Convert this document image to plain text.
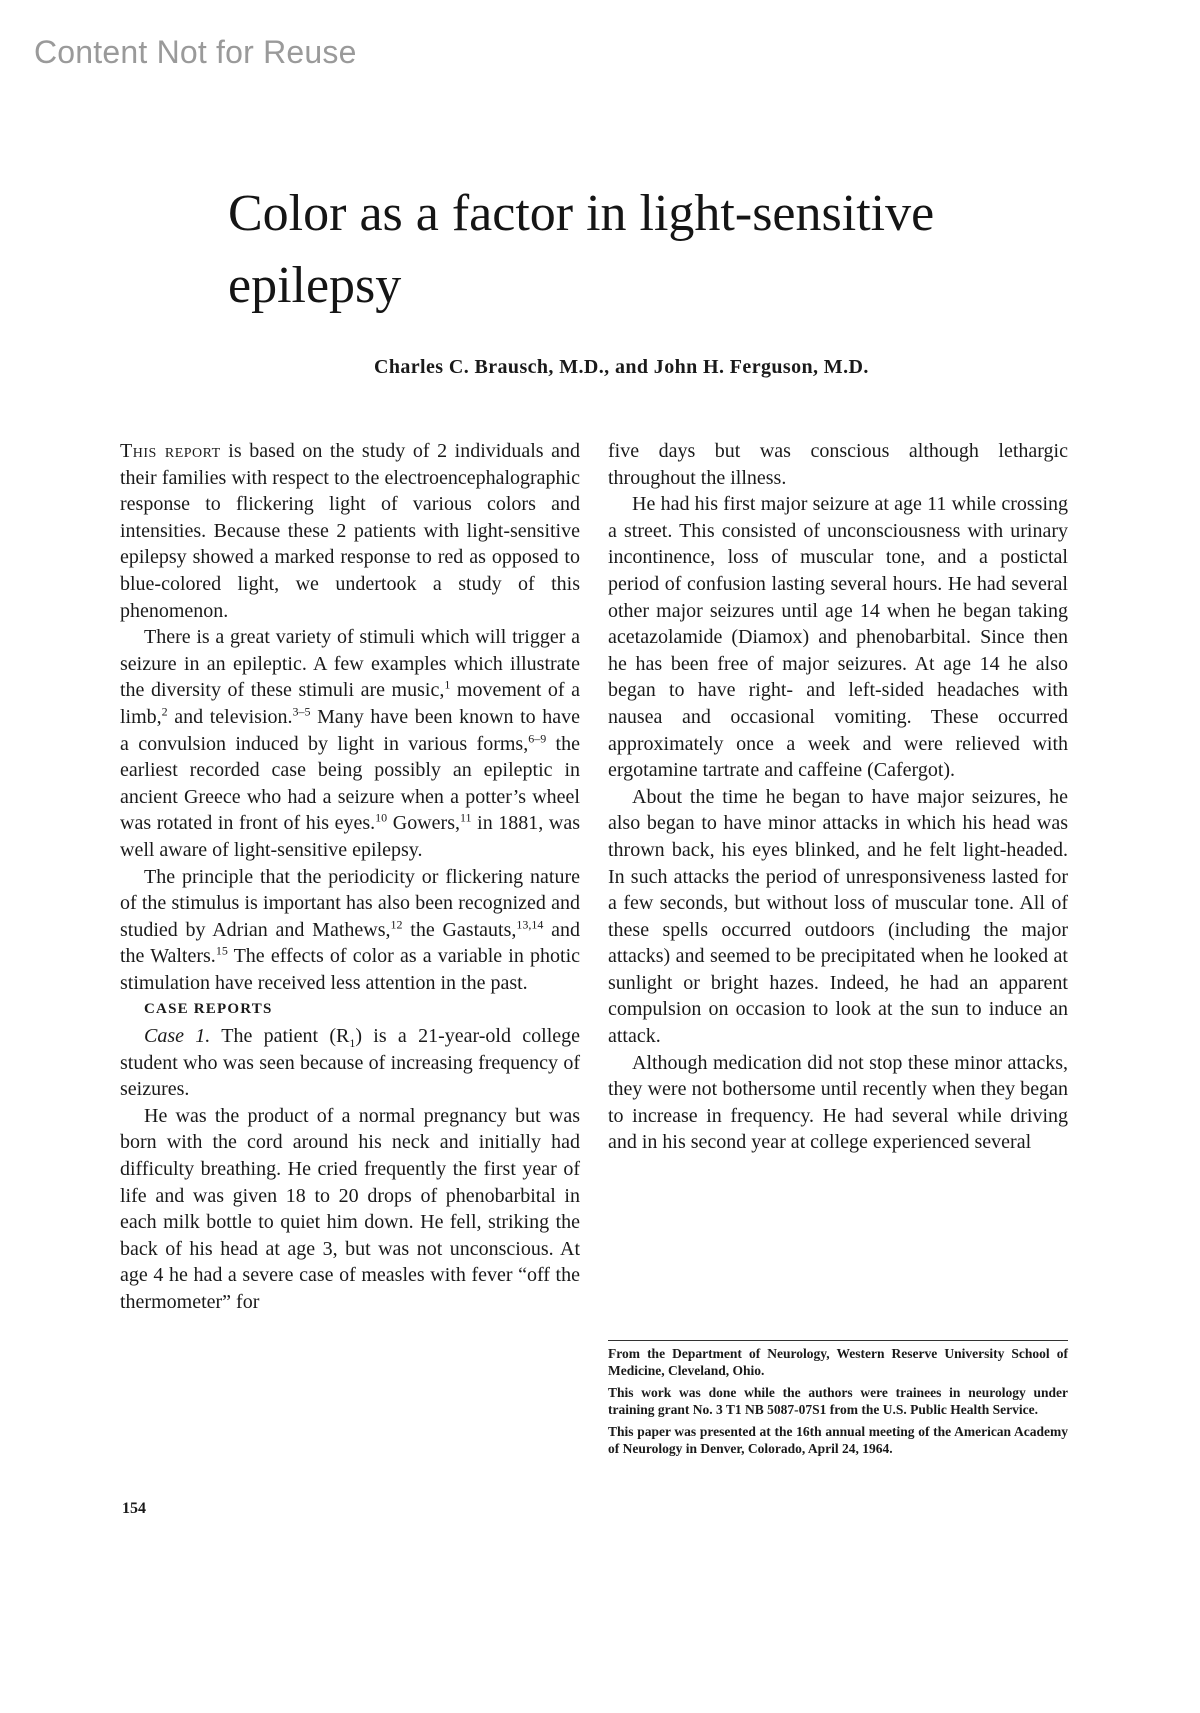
Content Not for Reuse
Color as a factor in light-sensitive epilepsy
Charles C. Brausch, M.D., and John H. Ferguson, M.D.

This report is based on the study of 2 individuals and their families with respect to the electroencephalographic response to flickering light of various colors and intensities. Because these 2 patients with light-sensitive epilepsy showed a marked response to red as opposed to blue-colored light, we undertook a study of this phenomenon.

There is a great variety of stimuli which will trigger a seizure in an epileptic. A few examples which illustrate the diversity of these stimuli are music,$^1$ movement of a limb,$^2$ and television.$^{3-5}$ Many have been known to have a convulsion induced by light in various forms,$^{6-9}$ the earliest recorded case being possibly an epileptic in ancient Greece who had a seizure when a potter’s wheel was rotated in front of his eyes.$^{10}$ Gowers,$^{11}$ in 1881, was well aware of light-sensitive epilepsy.

The principle that the periodicity or flickering nature of the stimulus is important has also been recognized and studied by Adrian and Mathews,$^{12}$ the Gastauts,$^{13,14}$ and the Walters.$^{15}$ The effects of color as a variable in photic stimulation have received less attention in the past.

CASE REPORTS

Case 1. The patient $(R_1)$ is a 21-year-old college student who was seen because of increasing frequency of seizures.

He was the product of a normal pregnancy but was born with the cord around his neck and initially had difficulty breathing. He cried frequently the first year of life and was given 18 to 20 drops of phenobarbital in each milk bottle to quiet him down. He fell, striking the back of his head at age 3, but was not unconscious. At age 4 he had a severe case of measles with fever “off the thermometer” for

five days but was conscious although lethargic throughout the illness.

He had his first major seizure at age 11 while crossing a street. This consisted of unconsciousness with urinary incontinence, loss of muscular tone, and a postictal period of confusion lasting several hours. He had several other major seizures until age 14 when he began taking acetazolamide (Diamox) and phenobarbital. Since then he has been free of major seizures. At age 14 he also began to have right- and left-sided headaches with nausea and occasional vomiting. These occurred approximately once a week and were relieved with ergotamine tartrate and caffeine (Cafergot).

About the time he began to have major seizures, he also began to have minor attacks in which his head was thrown back, his eyes blinked, and he felt light-headed. In such attacks the period of unresponsiveness lasted for a few seconds, but without loss of muscular tone. All of these spells occurred outdoors (including the major attacks) and seemed to be precipitated when he looked at sunlight or bright hazes. Indeed, he had an apparent compulsion on occasion to look at the sun to induce an attack.

Although medication did not stop these minor attacks, they were not bothersome until recently when they began to increase in frequency. He had several while driving and in his second year at college experienced several

From the Department of Neurology, Western Reserve University School of Medicine, Cleveland, Ohio.

This work was done while the authors were trainees in neurology under training grant No. 3 T1 NB 5087-07S1 from the U.S. Public Health Service.

This paper was presented at the 16th annual meeting of the American Academy of Neurology in Denver, Colorado, April 24, 1964.

154
